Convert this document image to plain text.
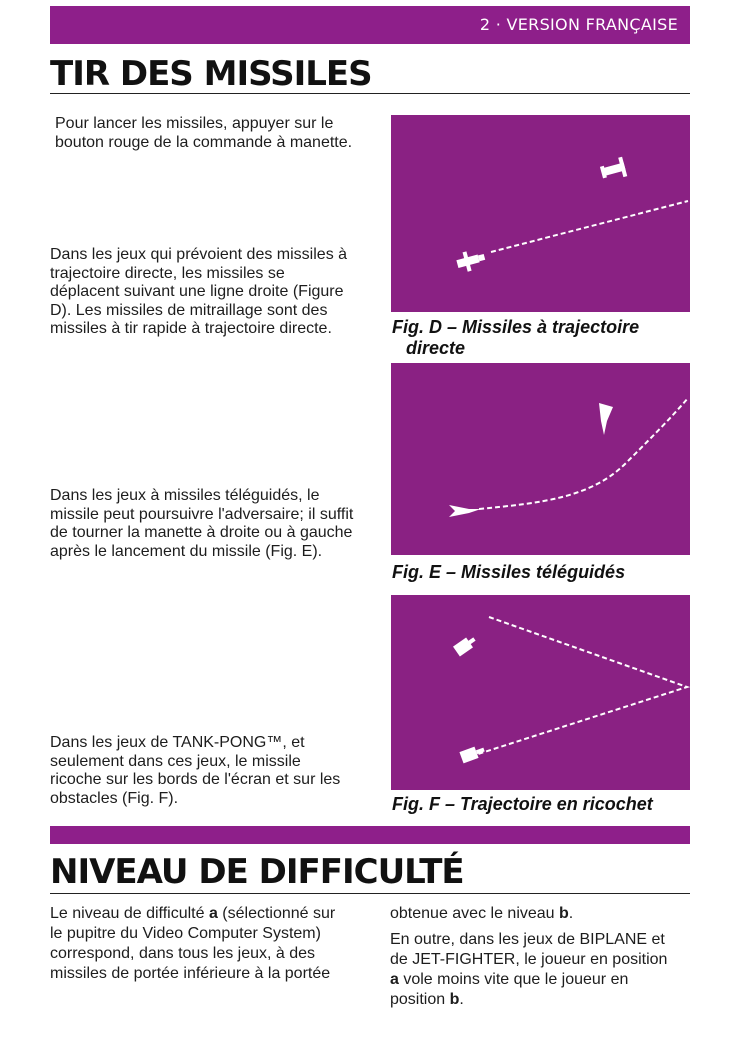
2 · VERSION FRANÇAISE
TIR DES MISSILES
Pour lancer les missiles, appuyer sur le bouton rouge de la commande à manette.
Dans les jeux qui prévoient des missiles à trajectoire directe, les missiles se déplacent suivant une ligne droite (Figure D). Les missiles de mitraillage sont des missiles à tir rapide à trajectoire directe.
Dans les jeux à missiles téléguidés, le missile peut poursuivre l'adversaire; il suffit de tourner la manette à droite ou à gauche après le lancement du missile (Fig. E).
Dans les jeux de TANK-PONG™, et seulement dans ces jeux, le missile ricoche sur les bords de l'écran et sur les obstacles (Fig. F).

Fig. D – Missiles à trajectoire
directe

Fig. E – Missiles téléguidés

Fig. F – Trajectoire en ricochet

NIVEAU DE DIFFICULTÉ

Le niveau de difficulté a (sélectionné sur le pupitre du Video Computer System) correspond, dans tous les jeux, à des missiles de portée inférieure à la portée

obtenue avec le niveau b.

En outre, dans les jeux de BIPLANE et de JET-FIGHTER, le joueur en position a vole moins vite que le joueur en position b.
